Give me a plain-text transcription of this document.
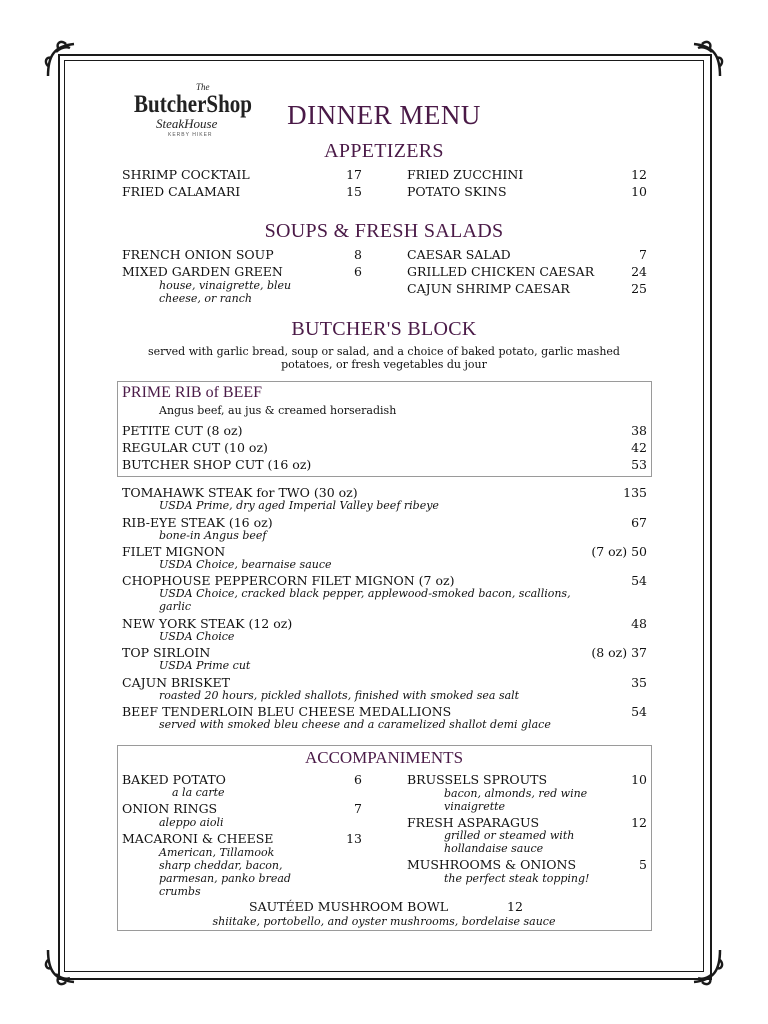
The
ButcherShop
SteakHouse
KERBY HIKER
DINNER MENU
APPETIZERS
SHRIMP COCKTAIL	17
FRIED CALAMARI	15
FRIED ZUCCHINI	12
POTATO SKINS	10
SOUPS & FRESH SALADS
FRENCH ONION SOUP	8
MIXED GARDEN GREEN	6
house, vinaigrette, bleu
cheese, or ranch
CAESAR SALAD	7
GRILLED CHICKEN CAESAR	24
CAJUN SHRIMP CAESAR	25
BUTCHER'S BLOCK
served with garlic bread, soup or salad, and a choice of baked potato, garlic mashed
potatoes, or fresh vegetables du jour
PRIME RIB of BEEF
Angus beef, au jus & creamed horseradish
PETITE CUT (8 oz)	38
REGULAR CUT (10 oz)	42
BUTCHER SHOP CUT (16 oz)	53
TOMAHAWK STEAK for TWO (30 oz)	135
USDA Prime, dry aged Imperial Valley beef ribeye
RIB-EYE STEAK (16 oz)	67
bone-in Angus beef
FILET MIGNON	(7 oz) 50
USDA Choice, bearnaise sauce
CHOPHOUSE PEPPERCORN FILET MIGNON (7 oz)	54
USDA Choice, cracked black pepper, applewood-smoked bacon, scallions,
garlic
NEW YORK STEAK (12 oz)	48
USDA Choice
TOP SIRLOIN	(8 oz) 37
USDA Prime cut
CAJUN BRISKET	35
roasted 20 hours, pickled shallots, finished with smoked sea salt
BEEF TENDERLOIN BLEU CHEESE MEDALLIONS	54
served with smoked bleu cheese and a caramelized shallot demi glace
ACCOMPANIMENTS
BAKED POTATO	6
a la carte
ONION RINGS	7
aleppo aioli
MACARONI & CHEESE	13
American, Tillamook
sharp cheddar, bacon,
parmesan, panko bread
crumbs
BRUSSELS SPROUTS	10
bacon, almonds, red wine
vinaigrette
FRESH ASPARAGUS	12
grilled or steamed with
hollandaise sauce
MUSHROOMS & ONIONS	5
the perfect steak topping!
SAUTÉED MUSHROOM BOWL	12
shiitake, portobello, and oyster mushrooms, bordelaise sauce
